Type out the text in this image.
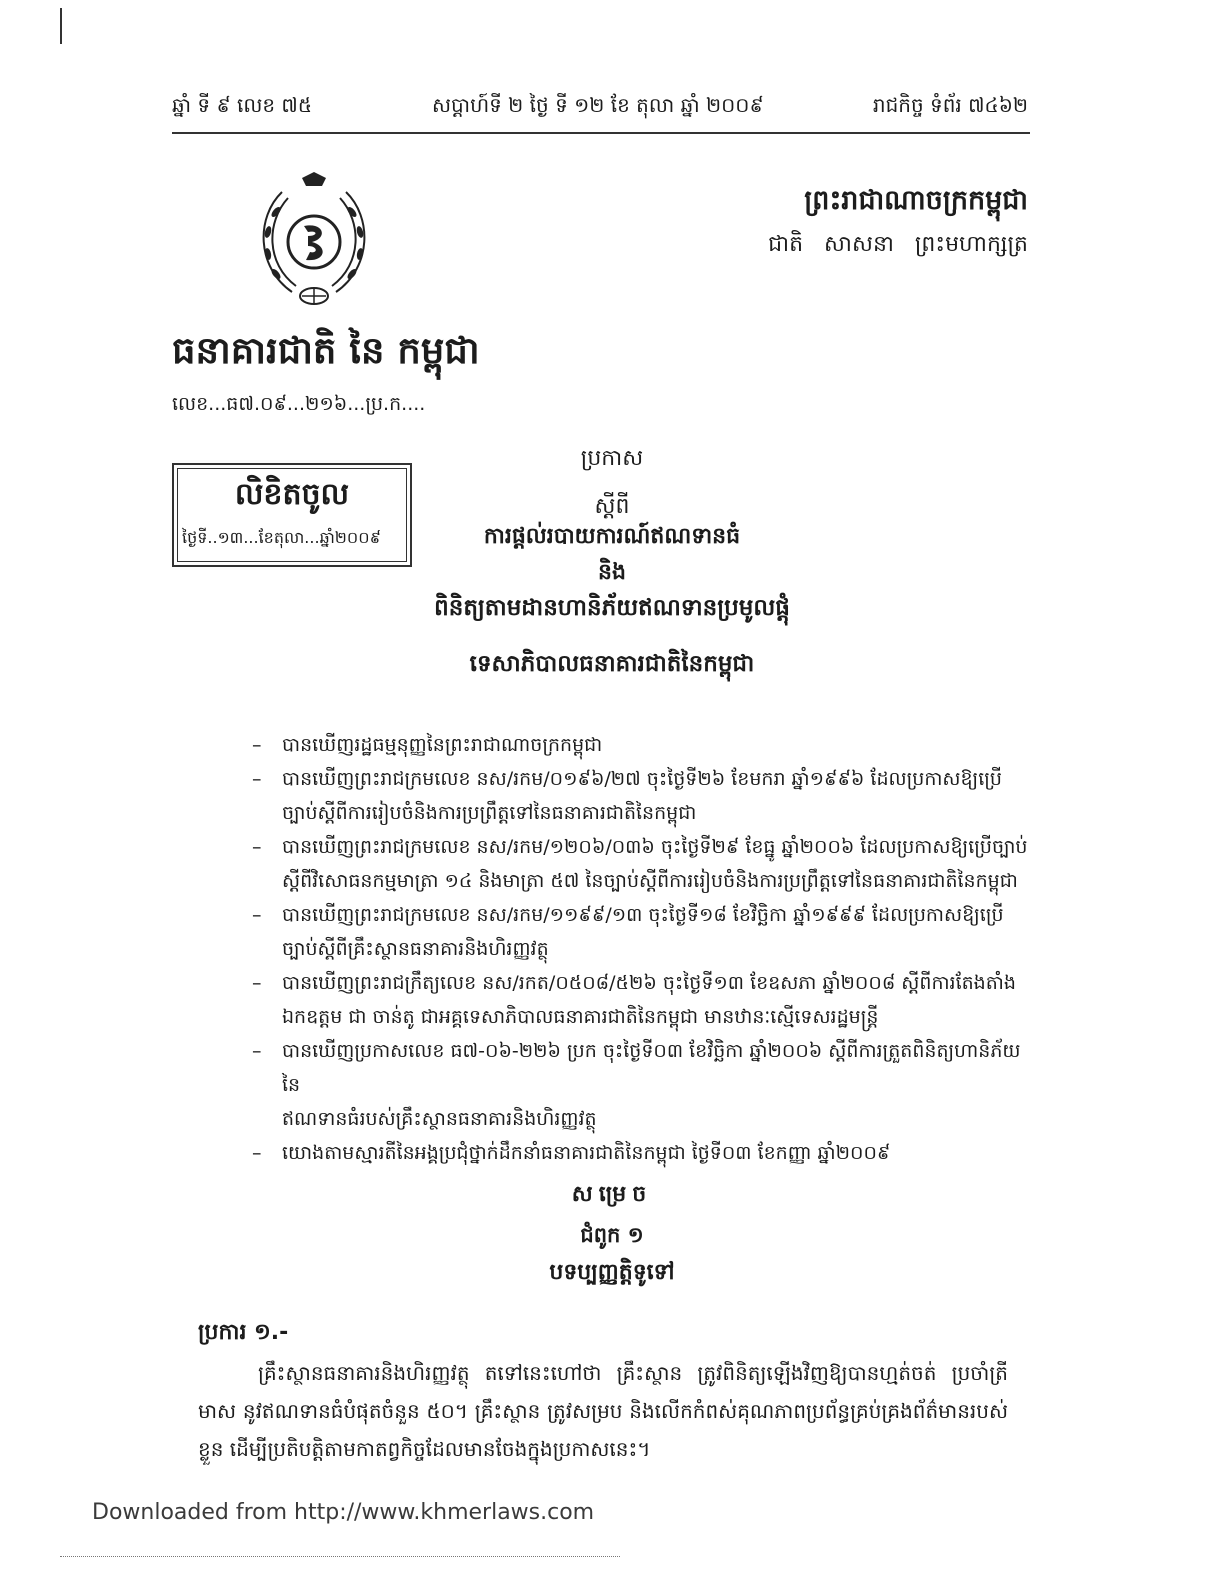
ឆ្នាំ ទី ៩ លេខ ៧៥	សប្ដាហ៍ទី ២ ថ្ងៃ ទី ១២ ខែ តុលា ឆ្នាំ ២០០៩	រាជកិច្ច ទំព័រ ៧៤៦២
ព្រះរាជាណាចក្រកម្ពុជា
ជាតិ សាសនា ព្រះមហាក្សត្រ
ធនាគារជាតិ នៃ កម្ពុជា
លេខ...ធ៧.០៩...២១៦...ប្រ.ក....
លិខិតចូល
ថ្ងៃទី..១៣...ខែតុលា...ឆ្នាំ២០០៩
ប្រកាស
ស្ដីពី
ការផ្ដល់របាយការណ៍ឥណទានធំ
និង
ពិនិត្យតាមដានហានិភ័យឥណទានប្រមូលផ្ដុំ
ទេសាភិបាលធនាគារជាតិនៃកម្ពុជា
– បានឃើញរដ្ឋធម្មនុញ្ញនៃព្រះរាជាណាចក្រកម្ពុជា
– បានឃើញព្រះរាជក្រមលេខ នស/រកម/០១៩៦/២៧ ចុះថ្ងៃទី២៦ ខែមករា ឆ្នាំ១៩៩៦ ដែលប្រកាសឱ្យប្រើ
ច្បាប់ស្ដីពីការរៀបចំនិងការប្រព្រឹត្តទៅនៃធនាគារជាតិនៃកម្ពុជា
– បានឃើញព្រះរាជក្រមលេខ នស/រកម/១២០៦/០៣៦ ចុះថ្ងៃទី២៩ ខែធ្នូ ឆ្នាំ២០០៦ ដែលប្រកាសឱ្យប្រើច្បាប់
ស្ដីពីវិសោធនកម្មមាត្រា ១៤ និងមាត្រា ៥៧ នៃច្បាប់ស្ដីពីការរៀបចំនិងការប្រព្រឹត្តទៅនៃធនាគារជាតិនៃកម្ពុជា
– បានឃើញព្រះរាជក្រមលេខ នស/រកម/១១៩៩/១៣ ចុះថ្ងៃទី១៨ ខែវិច្ឆិកា ឆ្នាំ១៩៩៩ ដែលប្រកាសឱ្យប្រើ
ច្បាប់ស្ដីពីគ្រឹះស្ថានធនាគារនិងហិរញ្ញវត្ថុ
– បានឃើញព្រះរាជក្រឹត្យលេខ នស/រកត/០៥០៨/៥២៦ ចុះថ្ងៃទី១៣ ខែឧសភា ឆ្នាំ២០០៨ ស្ដីពីការតែងតាំង
ឯកឧត្តម ជា ចាន់តូ ជាអគ្គទេសាភិបាលធនាគារជាតិនៃកម្ពុជា មានឋានៈស្មើទេសរដ្ឋមន្ត្រី
– បានឃើញប្រកាសលេខ ធ៧-០៦-២២៦ ប្រក ចុះថ្ងៃទី០៣ ខែវិច្ឆិកា ឆ្នាំ២០០៦ ស្ដីពីការត្រួតពិនិត្យហានិភ័យនៃ
ឥណទានធំរបស់គ្រឹះស្ថានធនាគារនិងហិរញ្ញវត្ថុ
– យោងតាមស្មារតីនៃអង្គប្រជុំថ្នាក់ដឹកនាំធនាគារជាតិនៃកម្ពុជា ថ្ងៃទី០៣ ខែកញ្ញា ឆ្នាំ២០០៩
សម្រេច
ជំពូក ១
បទប្បញ្ញត្តិទូទៅ
ប្រការ ១.-
គ្រឹះស្ថានធនាគារនិងហិរញ្ញវត្ថុ តទៅនេះហៅថា គ្រឹះស្ថាន ត្រូវពិនិត្យឡើងវិញឱ្យបានហ្មត់ចត់ ប្រចាំត្រីមាស នូវឥណទានធំបំផុតចំនួន ៥០។ គ្រឹះស្ថាន ត្រូវសម្រប និងលើកកំពស់គុណភាពប្រព័ន្ធគ្រប់គ្រងព័ត៌មានរបស់ខ្លួន ដើម្បីប្រតិបត្តិតាមកាតព្វកិច្ចដែលមានចែងក្នុងប្រកាសនេះ។
Downloaded from http://www.khmerlaws.com
